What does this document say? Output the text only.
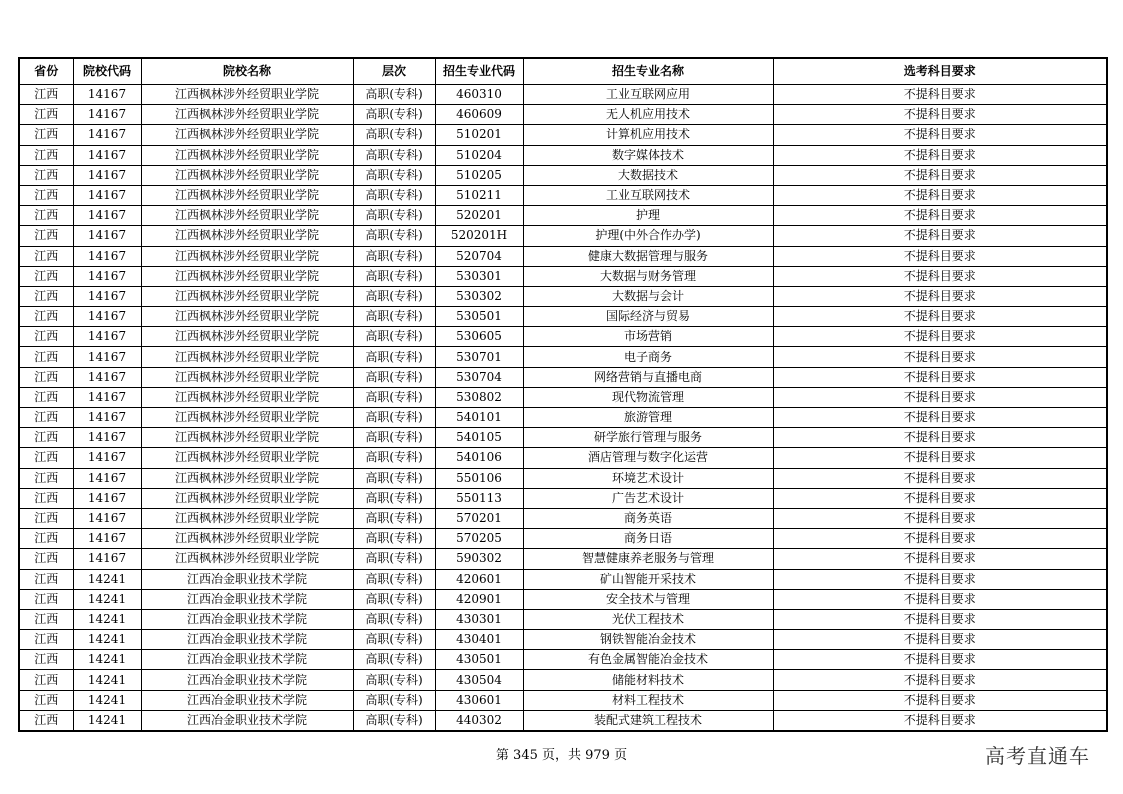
省份	院校代码	院校名称	层次	招生专业代码	招生专业名称	选考科目要求
江西	14167	江西枫林涉外经贸职业学院	高职(专科)	460310	工业互联网应用	不提科目要求
江西	14167	江西枫林涉外经贸职业学院	高职(专科)	460609	无人机应用技术	不提科目要求
江西	14167	江西枫林涉外经贸职业学院	高职(专科)	510201	计算机应用技术	不提科目要求
江西	14167	江西枫林涉外经贸职业学院	高职(专科)	510204	数字媒体技术	不提科目要求
江西	14167	江西枫林涉外经贸职业学院	高职(专科)	510205	大数据技术	不提科目要求
江西	14167	江西枫林涉外经贸职业学院	高职(专科)	510211	工业互联网技术	不提科目要求
江西	14167	江西枫林涉外经贸职业学院	高职(专科)	520201	护理	不提科目要求
江西	14167	江西枫林涉外经贸职业学院	高职(专科)	520201H	护理(中外合作办学)	不提科目要求
江西	14167	江西枫林涉外经贸职业学院	高职(专科)	520704	健康大数据管理与服务	不提科目要求
江西	14167	江西枫林涉外经贸职业学院	高职(专科)	530301	大数据与财务管理	不提科目要求
江西	14167	江西枫林涉外经贸职业学院	高职(专科)	530302	大数据与会计	不提科目要求
江西	14167	江西枫林涉外经贸职业学院	高职(专科)	530501	国际经济与贸易	不提科目要求
江西	14167	江西枫林涉外经贸职业学院	高职(专科)	530605	市场营销	不提科目要求
江西	14167	江西枫林涉外经贸职业学院	高职(专科)	530701	电子商务	不提科目要求
江西	14167	江西枫林涉外经贸职业学院	高职(专科)	530704	网络营销与直播电商	不提科目要求
江西	14167	江西枫林涉外经贸职业学院	高职(专科)	530802	现代物流管理	不提科目要求
江西	14167	江西枫林涉外经贸职业学院	高职(专科)	540101	旅游管理	不提科目要求
江西	14167	江西枫林涉外经贸职业学院	高职(专科)	540105	研学旅行管理与服务	不提科目要求
江西	14167	江西枫林涉外经贸职业学院	高职(专科)	540106	酒店管理与数字化运营	不提科目要求
江西	14167	江西枫林涉外经贸职业学院	高职(专科)	550106	环境艺术设计	不提科目要求
江西	14167	江西枫林涉外经贸职业学院	高职(专科)	550113	广告艺术设计	不提科目要求
江西	14167	江西枫林涉外经贸职业学院	高职(专科)	570201	商务英语	不提科目要求
江西	14167	江西枫林涉外经贸职业学院	高职(专科)	570205	商务日语	不提科目要求
江西	14167	江西枫林涉外经贸职业学院	高职(专科)	590302	智慧健康养老服务与管理	不提科目要求
江西	14241	江西冶金职业技术学院	高职(专科)	420601	矿山智能开采技术	不提科目要求
江西	14241	江西冶金职业技术学院	高职(专科)	420901	安全技术与管理	不提科目要求
江西	14241	江西冶金职业技术学院	高职(专科)	430301	光伏工程技术	不提科目要求
江西	14241	江西冶金职业技术学院	高职(专科)	430401	钢铁智能冶金技术	不提科目要求
江西	14241	江西冶金职业技术学院	高职(专科)	430501	有色金属智能冶金技术	不提科目要求
江西	14241	江西冶金职业技术学院	高职(专科)	430504	储能材料技术	不提科目要求
江西	14241	江西冶金职业技术学院	高职(专科)	430601	材料工程技术	不提科目要求
江西	14241	江西冶金职业技术学院	高职(专科)	440302	装配式建筑工程技术	不提科目要求
第 345 页，共 979 页	高考直通车
